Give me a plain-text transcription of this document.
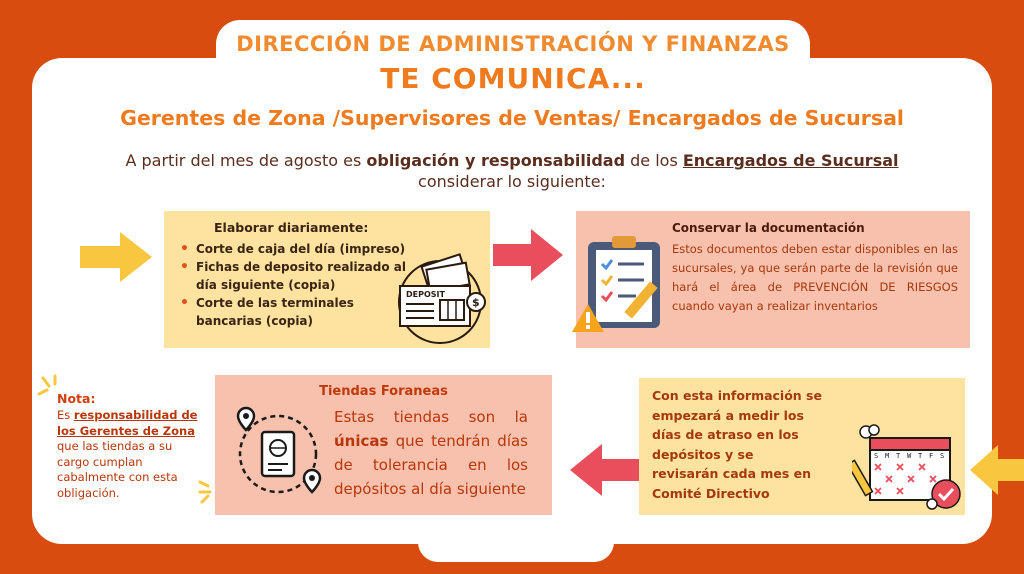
DIRECCIÓN DE ADMINISTRACIÓN Y FINANZAS
TE COMUNICA...
Gerentes de Zona /Supervisores de Ventas/ Encargados de Sucursal
A partir del mes de agosto es obligación y responsabilidad de los Encargados de Sucursal
considerar lo siguiente:
Elaborar diariamente:
• Corte de caja del día (impreso)
• Fichas de deposito realizado al día siguiente (copia)
• Corte de las terminales bancarias (copia)
DEPOSIT
$
Conservar la documentación
Estos documentos deben estar disponibles en las sucursales, ya que serán parte de la revisión que hará el área de PREVENCIÓN DE RIESGOS cuando vayan a realizar inventarios
Nota:
Es responsabilidad de los Gerentes de Zona que las tiendas a su cargo cumplan cabalmente con esta obligación.
Tiendas Foraneas
Estas tiendas son la únicas que tendrán días de tolerancia en los depósitos al día siguiente
Con esta información se empezará a medir los días de atraso en los depósitos y se revisarán cada mes en Comité Directivo
S M T W T F S
